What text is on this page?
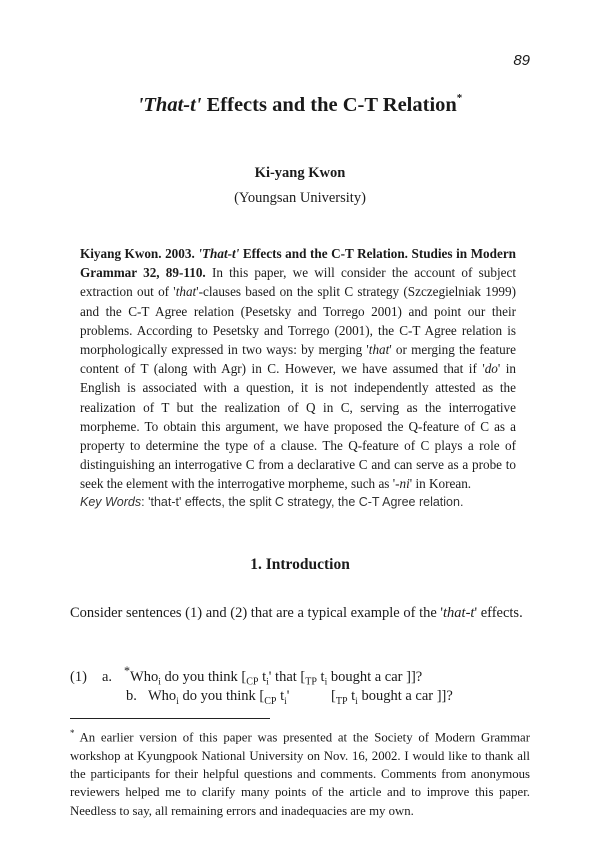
89
'That-t' Effects and the C-T Relation*
Ki-yang Kwon
(Youngsan University)

Kiyang Kwon. 2003. 'That-t' Effects and the C-T Relation. Studies in Modern Grammar 32, 89-110. In this paper, we will consider the account of subject extraction out of 'that'-clauses based on the split C strategy (Szczegielniak 1999) and the C-T Agree relation (Pesetsky and Torrego 2001) and point our their problems. According to Pesetsky and Torrego (2001), the C-T Agree relation is morphologically expressed in two ways: by merging 'that' or merging the feature content of T (along with Agr) in C. However, we have assumed that if 'do' in English is associated with a question, it is not independently attested as the realization of T but the realization of Q in C, serving as the interrogative morpheme. To obtain this argument, we have proposed the Q-feature of C as a property to determine the type of a clause. The Q-feature of C plays a role of distinguishing an interrogative C from a declarative C and can serve as a probe to seek the element with the interrogative morpheme, such as '-ni' in Korean.

Key Words: 'that-t' effects, the split C strategy, the C-T Agree relation.
1. Introduction

Consider sentences (1) and (2) that are a typical example of the 'that-t' effects.

(1) a. *Who$_i$ do you think [$_{CP}$ $t_i'$ that [$_{TP}$ $t_i$ bought a car ]]?
b. Who$_i$ do you think [$_{CP}$ $t_i'$	[$_{TP}$ $t_i$ bought a car ]]?

* An earlier version of this paper was presented at the Society of Modern Grammar workshop at Kyungpook National University on Nov. 16, 2002. I would like to thank all the participants for their helpful questions and comments. Comments from anonymous reviewers helped me to clarify many points of the article and to improve this paper. Needless to say, all remaining errors and inadequacies are my own.
